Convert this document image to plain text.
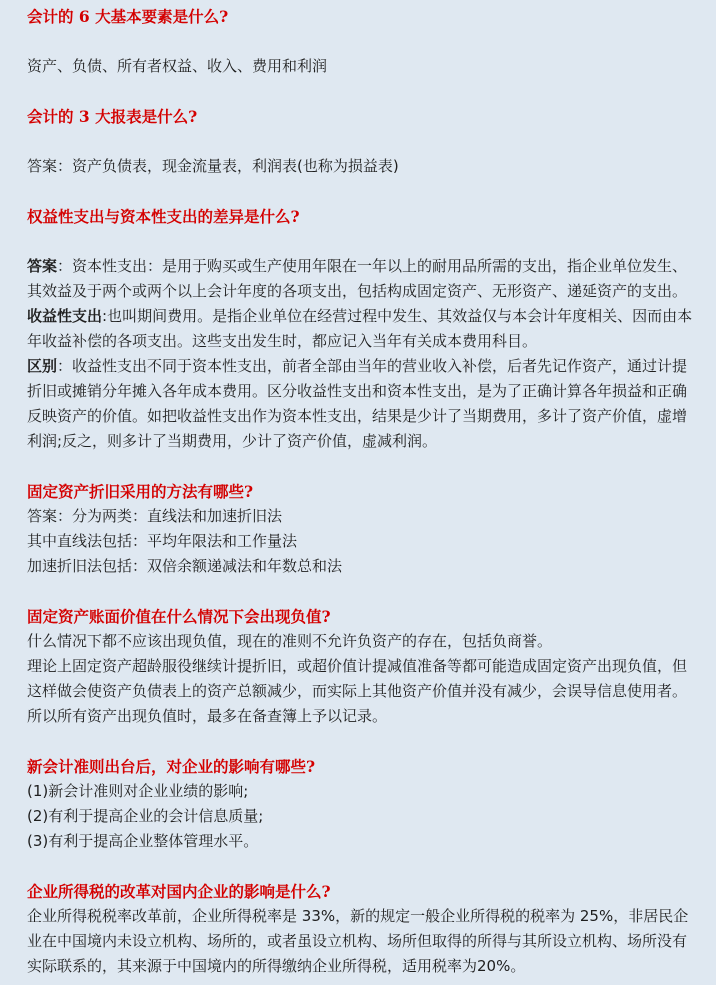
会计的 6 大基本要素是什么?
资产、负债、所有者权益、收入、费用和利润
会计的 3 大报表是什么?
答案：资产负债表，现金流量表，利润表(也称为损益表)
权益性支出与资本性支出的差异是什么?
答案：资本性支出：是用于购买或生产使用年限在一年以上的耐用品所需的支出，指企业单位发生、其效益及于两个或两个以上会计年度的各项支出，包括构成固定资产、无形资产、递延资产的支出。
收益性支出:也叫期间费用。是指企业单位在经营过程中发生、其效益仅与本会计年度相关、因而由本年收益补偿的各项支出。这些支出发生时，都应记入当年有关成本费用科目。
区别：收益性支出不同于资本性支出，前者全部由当年的营业收入补偿，后者先记作资产，通过计提折旧或摊销分年摊入各年成本费用。区分收益性支出和资本性支出，是为了正确计算各年损益和正确反映资产的价值。如把收益性支出作为资本性支出，结果是少计了当期费用，多计了资产价值，虚增利润;反之，则多计了当期费用，少计了资产价值，虚减利润。
固定资产折旧采用的方法有哪些?
答案：分为两类：直线法和加速折旧法
其中直线法包括：平均年限法和工作量法
加速折旧法包括：双倍余额递减法和年数总和法
固定资产账面价值在什么情况下会出现负值?
什么情况下都不应该出现负值，现在的准则不允许负资产的存在，包括负商誉。
理论上固定资产超龄服役继续计提折旧，或超价值计提减值准备等都可能造成固定资产出现负值，但这样做会使资产负债表上的资产总额减少，而实际上其他资产价值并没有减少，会误导信息使用者。所以所有资产出现负值时，最多在备查簿上予以记录。
新会计准则出台后，对企业的影响有哪些?
(1)新会计准则对企业业绩的影响;
(2)有利于提高企业的会计信息质量;
(3)有利于提高企业整体管理水平。
企业所得税的改革对国内企业的影响是什么?
企业所得税税率改革前，企业所得税率是 33%，新的规定一般企业所得税的税率为 25%，非居民企业在中国境内未设立机构、场所的，或者虽设立机构、场所但取得的所得与其所设立机构、场所没有实际联系的，其来源于中国境内的所得缴纳企业所得税，适用税率为20%。
